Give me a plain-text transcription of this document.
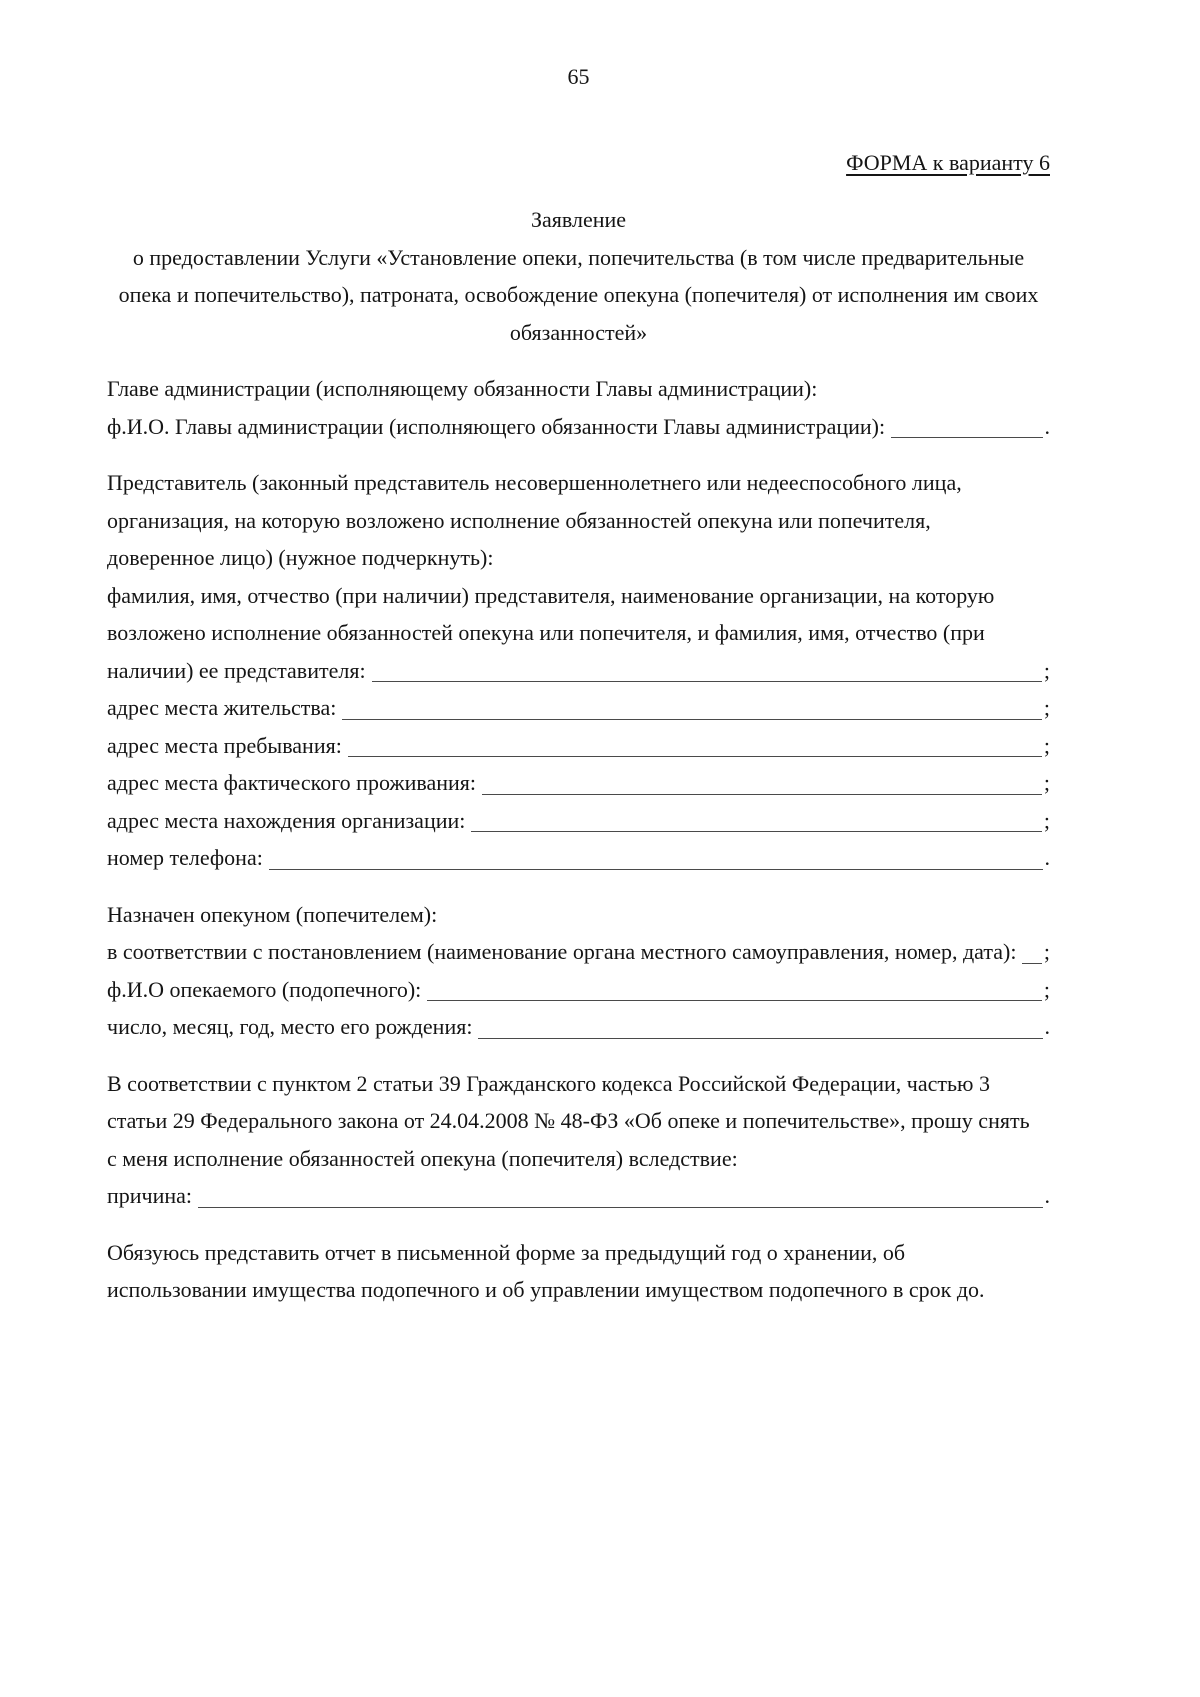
65
ФОРМА к варианту 6
Заявление
о предоставлении Услуги «Установление опеки, попечительства (в том числе предварительные опека и попечительство), патроната, освобождение опекуна (попечителя) от исполнения им своих обязанностей»
Главе администрации (исполняющему обязанности Главы администрации):
ф.И.О. Главы администрации (исполняющего обязанности Главы администрации):	.
Представитель (законный представитель несовершеннолетнего или недееспособного лица,
организация, на которую возложено исполнение обязанностей опекуна или попечителя,
доверенное лицо) (нужное подчеркнуть):
фамилия, имя, отчество (при наличии) представителя, наименование организации, на которую
возложено исполнение обязанностей опекуна или попечителя, и фамилия, имя, отчество (при
наличии) ее представителя:	;
адрес места жительства:	;
адрес места пребывания:	;
адрес места фактического проживания:	;
адрес места нахождения организации:	;
номер телефона:	.
Назначен опекуном (попечителем):
в соответствии с постановлением (наименование органа местного самоуправления, номер, дата): ;
ф.И.О опекаемого (подопечного):	;
число, месяц, год, место его рождения:	.
В соответствии с пунктом 2 статьи 39 Гражданского кодекса Российской Федерации, частью 3
статьи 29 Федерального закона от 24.04.2008 № 48-ФЗ «Об опеке и попечительстве», прошу снять
с меня исполнение обязанностей опекуна (попечителя) вследствие:
причина:	.
Обязуюсь представить отчет в письменной форме за предыдущий год о хранении, об
использовании имущества подопечного и об управлении имуществом подопечного в срок до.
